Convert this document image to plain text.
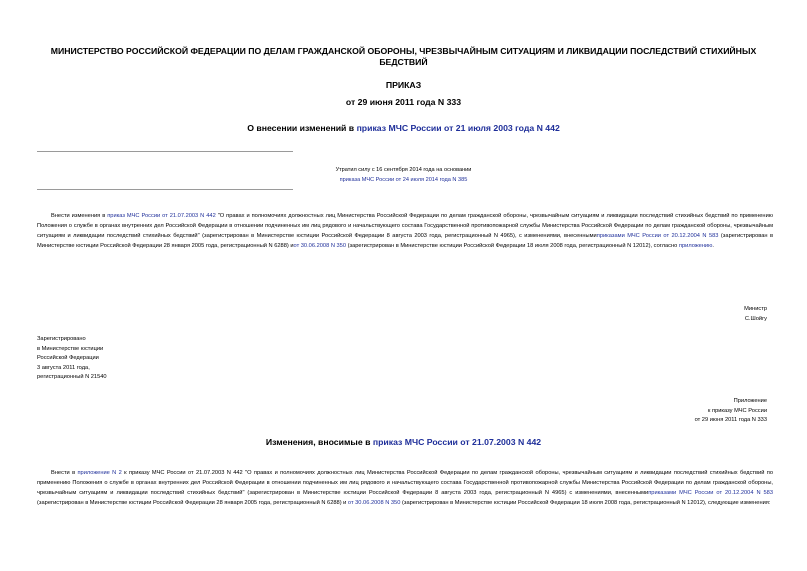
МИНИСТЕРСТВО РОССИЙСКОЙ ФЕДЕРАЦИИ ПО ДЕЛАМ ГРАЖДАНСКОЙ ОБОРОНЫ, ЧРЕЗВЫЧАЙНЫМ СИТУАЦИЯМ И ЛИКВИДАЦИИ ПОСЛЕДСТВИЙ СТИХИЙНЫХ БЕДСТВИЙ
ПРИКАЗ
от 29 июня 2011 года N 333
О внесении изменений в приказ МЧС России от 21 июля 2003 года N 442
Утратил силу с 16 сентября 2014 года на основании
приказа МЧС России от 24 июля 2014 года N 385
Внести изменения в приказ МЧС России от 21.07.2003 N 442 "О правах и полномочиях должностных лиц Министерства Российской Федерации по делам гражданской обороны, чрезвычайным ситуациям и ликвидации последствий стихийных бедствий по применению Положения о службе в органах внутренних дел Российской Федерации в отношении подчиненных им лиц рядового и начальствующего состава Государственной противопожарной службы Министерства Российской Федерации по делам гражданской обороны, чрезвычайным ситуациям и ликвидации последствий стихийных бедствий" (зарегистрирован в Министерстве юстиции Российской Федерации 8 августа 2003 года, регистрационный N 4965), с изменениями, внесеннымиприказами МЧС России от 20.12.2004 N 583 (зарегистрирован в Министерстве юстиции Российской Федерации 28 января 2005 года, регистрационный N 6288) иот 30.06.2008 N 350 (зарегистрирован в Министерстве юстиции Российской Федерации 18 июля 2008 года, регистрационный N 12012), согласно приложению.
Министр
С.Шойгу
Зарегистрировано
в Министерстве юстиции
Российской Федерации
3 августа 2011 года,
регистрационный N 21540
Приложение
к приказу МЧС России
от 29 июня 2011 года N 333
Изменения, вносимые в приказ МЧС России от 21.07.2003 N 442
Внести в приложение N 2 к приказу МЧС России от 21.07.2003 N 442 "О правах и полномочиях должностных лиц Министерства Российской Федерации по делам гражданской обороны, чрезвычайным ситуациям и ликвидации последствий стихийных бедствий по применению Положения о службе в органах внутренних дел Российской Федерации в отношении подчиненных им лиц рядового и начальствующего состава Государственной противопожарной службы Министерства Российской Федерации по делам гражданской обороны, чрезвычайным ситуациям и ликвидации последствий стихийных бедствий" (зарегистрирован в Министерстве юстиции Российской Федерации 8 августа 2003 года, регистрационный N 4965) с изменениями, внесеннымиприказами МЧС России от 20.12.2004 N 583 (зарегистрирован в Министерстве юстиции Российской Федерации 28 января 2005 года, регистрационный N 6288) и от 30.06.2008 N 350 (зарегистрирован в Министерстве юстиции Российской Федерации 18 июля 2008 года, регистрационный N 12012), следующие изменения:
